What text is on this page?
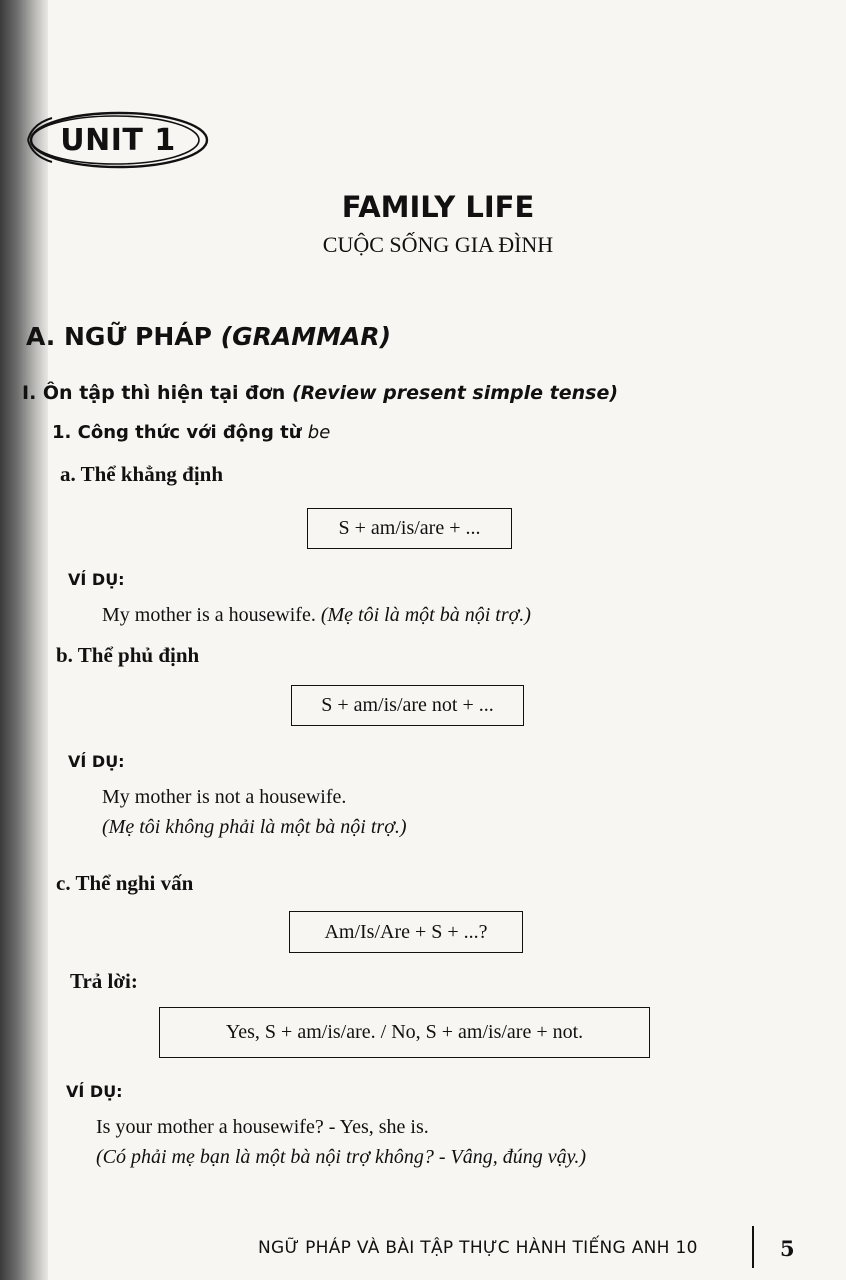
UNIT 1
FAMILY LIFE
CUỘC SỐNG GIA ĐÌNH
A. NGỮ PHÁP (GRAMMAR)
I. Ôn tập thì hiện tại đơn (Review present simple tense)
1. Công thức với động từ be
a. Thể khẳng định
S + am/is/are + ...
VÍ DỤ:
My mother is a housewife. (Mẹ tôi là một bà nội trợ.)
b. Thể phủ định
S + am/is/are not + ...
VÍ DỤ:
My mother is not a housewife.
(Mẹ tôi không phải là một bà nội trợ.)
c. Thể nghi vấn
Am/Is/Are + S + ...?
Trả lời:
Yes, S + am/is/are. / No, S + am/is/are + not.
VÍ DỤ:
Is your mother a housewife? - Yes, she is.
(Có phải mẹ bạn là một bà nội trợ không? - Vâng, đúng vậy.)
NGỮ PHÁP VÀ BÀI TẬP THỰC HÀNH TIẾNG ANH 10	5
